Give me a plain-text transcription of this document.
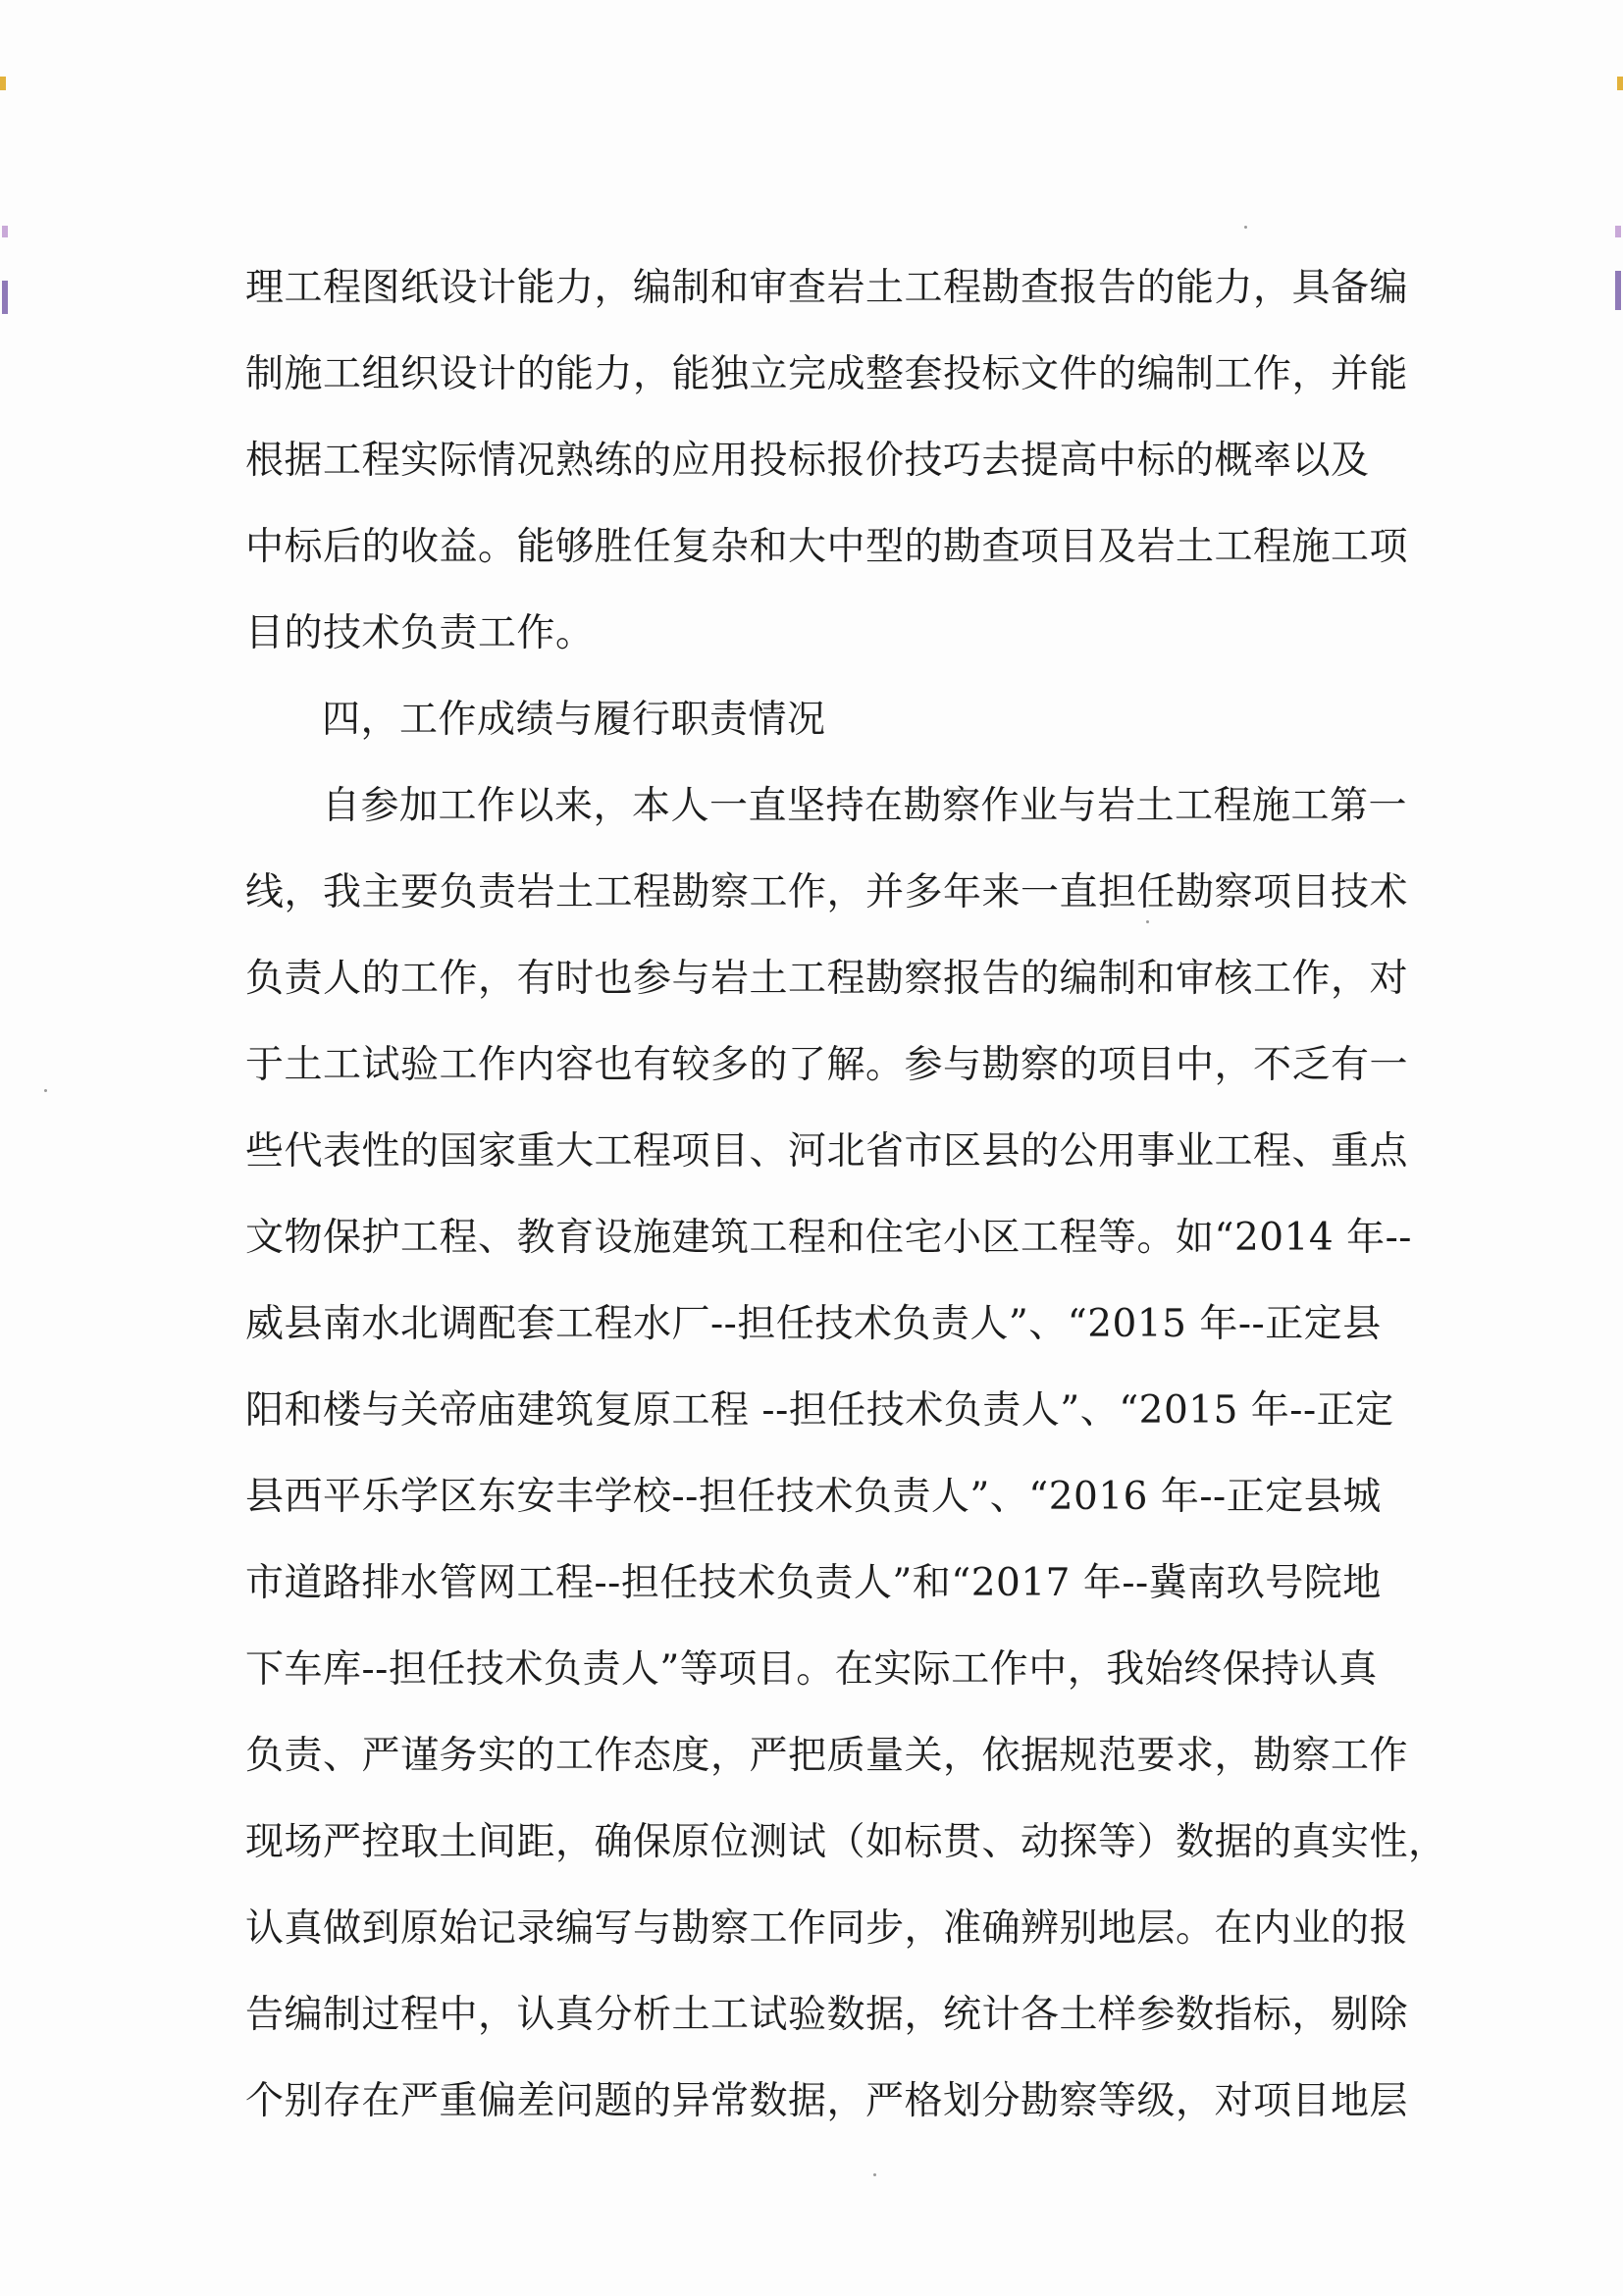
理工程图纸设计能力，编制和审查岩土工程勘查报告的能力，具备编
制施工组织设计的能力，能独立完成整套投标文件的编制工作，并能
根据工程实际情况熟练的应用投标报价技巧去提高中标的概率以及
中标后的收益。能够胜任复杂和大中型的勘查项目及岩土工程施工项
目的技术负责工作。
四，工作成绩与履行职责情况
自参加工作以来，本人一直坚持在勘察作业与岩土工程施工第一
线，我主要负责岩土工程勘察工作，并多年来一直担任勘察项目技术
负责人的工作，有时也参与岩土工程勘察报告的编制和审核工作，对
于土工试验工作内容也有较多的了解。参与勘察的项目中，不乏有一
些代表性的国家重大工程项目、河北省市区县的公用事业工程、重点
文物保护工程、教育设施建筑工程和住宅小区工程等。如“2014 年--
威县南水北调配套工程水厂--担任技术负责人”、“2015 年--正定县
阳和楼与关帝庙建筑复原工程 --担任技术负责人”、“2015 年--正定
县西平乐学区东安丰学校--担任技术负责人”、“2016 年--正定县城
市道路排水管网工程--担任技术负责人”和“2017 年--冀南玖号院地
下车库--担任技术负责人”等项目。在实际工作中，我始终保持认真
负责、严谨务实的工作态度，严把质量关，依据规范要求，勘察工作
现场严控取土间距，确保原位测试（如标贯、动探等）数据的真实性，
认真做到原始记录编写与勘察工作同步，准确辨别地层。在内业的报
告编制过程中，认真分析土工试验数据，统计各土样参数指标，剔除
个别存在严重偏差问题的异常数据，严格划分勘察等级，对项目地层
